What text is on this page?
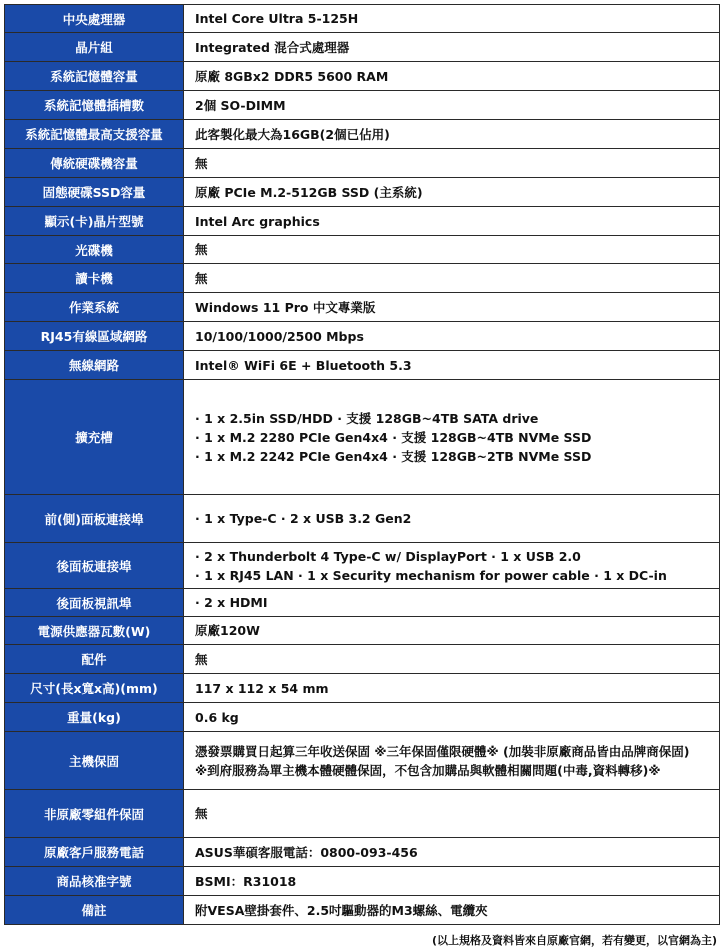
中央處理器	Intel Core Ultra 5-125H

晶片組	Integrated 混合式處理器

系統記憶體容量	原廠 8GBx2 DDR5 5600 RAM

系統記憶體插槽數	2個 SO-DIMM

系統記憶體最高支援容量	此客製化最大為16GB(2個已佔用)

傳統硬碟機容量	無

固態硬碟SSD容量	原廠 PCIe M.2-512GB SSD (主系統)

顯示(卡)晶片型號	Intel Arc graphics

光碟機	無

讀卡機	無

作業系統	Windows 11 Pro 中文專業版

RJ45有線區域網路	10/100/1000/2500 Mbps

無線網路	Intel® WiFi 6E + Bluetooth 5.3

擴充槽	· 1 x 2.5in SSD/HDD · 支援 128GB~4TB SATA drive
· 1 x M.2 2280 PCIe Gen4x4 · 支援 128GB~4TB NVMe SSD
· 1 x M.2 2242 PCIe Gen4x4 · 支援 128GB~2TB NVMe SSD

前(側)面板連接埠	· 1 x Type-C · 2 x USB 3.2 Gen2

後面板連接埠	· 2 x Thunderbolt 4 Type-C w/ DisplayPort · 1 x USB 2.0
· 1 x RJ45 LAN · 1 x Security mechanism for power cable · 1 x DC-in

後面板視訊埠	· 2 x HDMI

電源供應器瓦數(W)	原廠120W

配件	無

尺寸(長x寬x高)(mm)	117 x 112 x 54 mm

重量(kg)	0.6 kg

主機保固	憑發票購買日起算三年收送保固 ※三年保固僅限硬體※ (加裝非原廠商品皆由品牌商保固)
※到府服務為單主機本體硬體保固，不包含加購品與軟體相關問題(中毒,資料轉移)※

非原廠零組件保固	無

原廠客戶服務電話	ASUS華碩客服電話：0800-093-456

商品核准字號	BSMI：R31018

備註	附VESA壁掛套件、2.5吋驅動器的M3螺絲、電纜夾
(以上規格及資料皆來自原廠官網，若有變更，以官網為主)
